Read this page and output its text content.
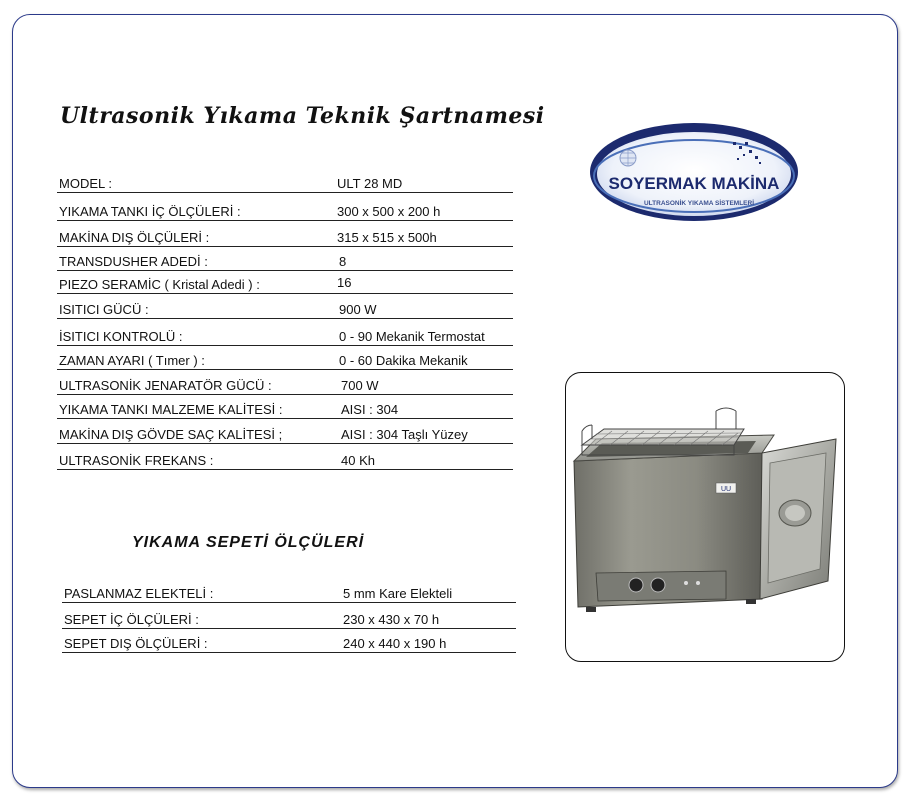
Ultrasonik Yıkama Teknik Şartnamesi
SOYERMAK MAKİNA
ULTRASONİK YIKAMA SİSTEMLERİ
MODEL :	ULT 28 MD
YIKAMA TANKI İÇ ÖLÇÜLERİ :	300 x 500 x 200 h
MAKİNA DIŞ ÖLÇÜLERİ :	315 x 515 x 500h
TRANSDUSHER ADEDİ :	8
PIEZO SERAMİC ( Kristal Adedi ) :	16
ISITICI GÜCÜ :	900 W
İSITICI KONTROLÜ :	0 - 90 Mekanik Termostat
ZAMAN AYARI ( Tımer ) :	0 - 60 Dakika Mekanik
ULTRASONİK JENARATÖR GÜCÜ :	700 W
YIKAMA TANKI MALZEME KALİTESİ :	AISI : 304
MAKİNA DIŞ GÖVDE SAÇ KALİTESİ ;	AISI : 304 Taşlı Yüzey
ULTRASONİK FREKANS :	40 Kh
YIKAMA SEPETİ ÖLÇÜLERİ
PASLANMAZ ELEKTELİ :	5 mm Kare Elekteli
SEPET İÇ ÖLÇÜLERİ :	230 x 430 x 70 h
SEPET DIŞ ÖLÇÜLERİ :	240 x 440 x 190 h
UU
